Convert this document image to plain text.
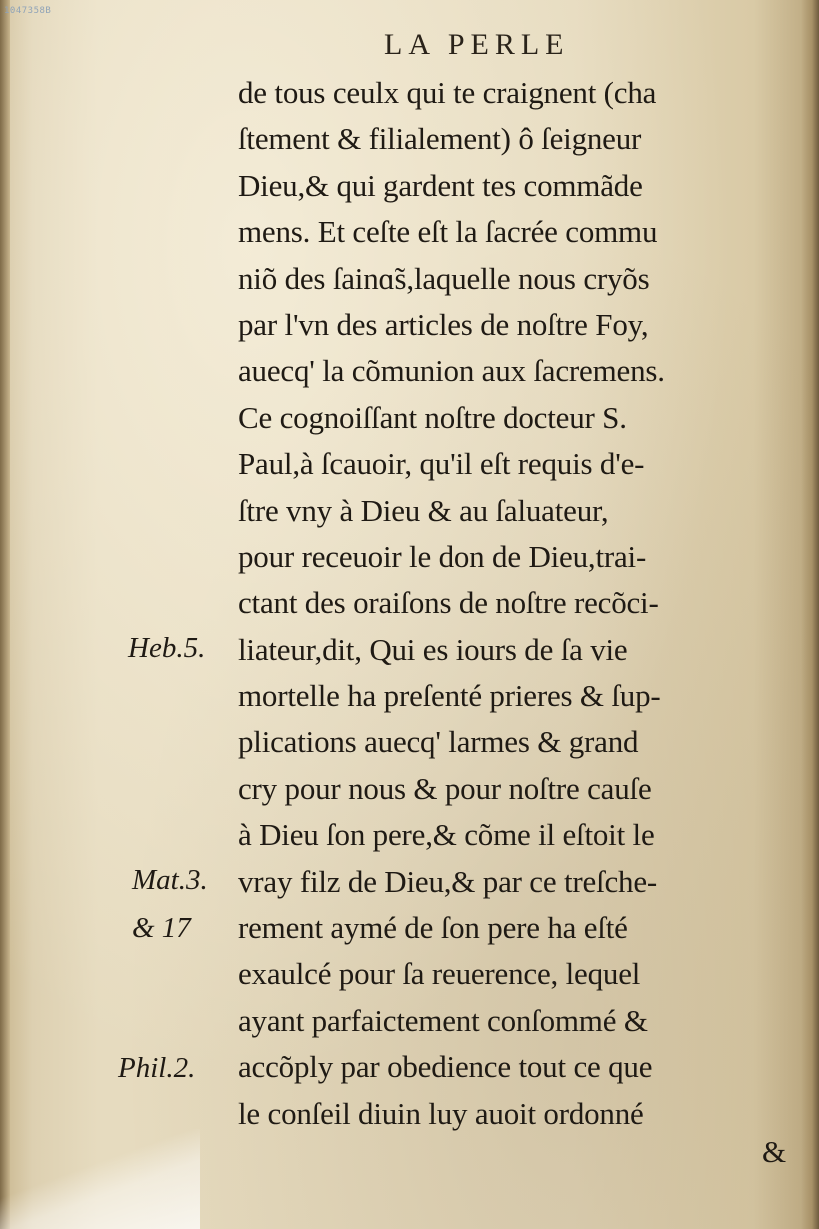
1047358B
LA PERLE
de tous ceulx qui te craignent (cha
ſtement & filialement) ô ſeigneur
Dieu,& qui gardent tes commãde
mens. Et ceſte eſt la ſacrée commu
niõ des ſainɑ̃s,laquelle nous cryõs
par l'vn des articles de noſtre Foy,
auecq' la cõmunion aux ſacremens.
Ce cognoiſſant noſtre docteur S.
Paul,à ſcauoir, qu'il eſt requis d'e-
ſtre vny à Dieu & au ſaluateur,
pour receuoir le don de Dieu,trai-
ctant des oraiſons de noſtre recõci-
liateur,dit, Qui es iours de ſa vie
mortelle ha preſenté prieres & ſup-
plications auecq' larmes & grand
cry pour nous & pour noſtre cauſe
à Dieu ſon pere,& cõme il eſtoit le
vray filz de Dieu,& par ce treſche-
rement aymé de ſon pere ha eſté
exaulcé pour ſa reuerence, lequel
ayant parfaictement conſommé &
accõply par obedience tout ce que
le conſeil diuin luy auoit ordonné
Heb.5.
Mat.3.
& 17
Phil.2.
&
